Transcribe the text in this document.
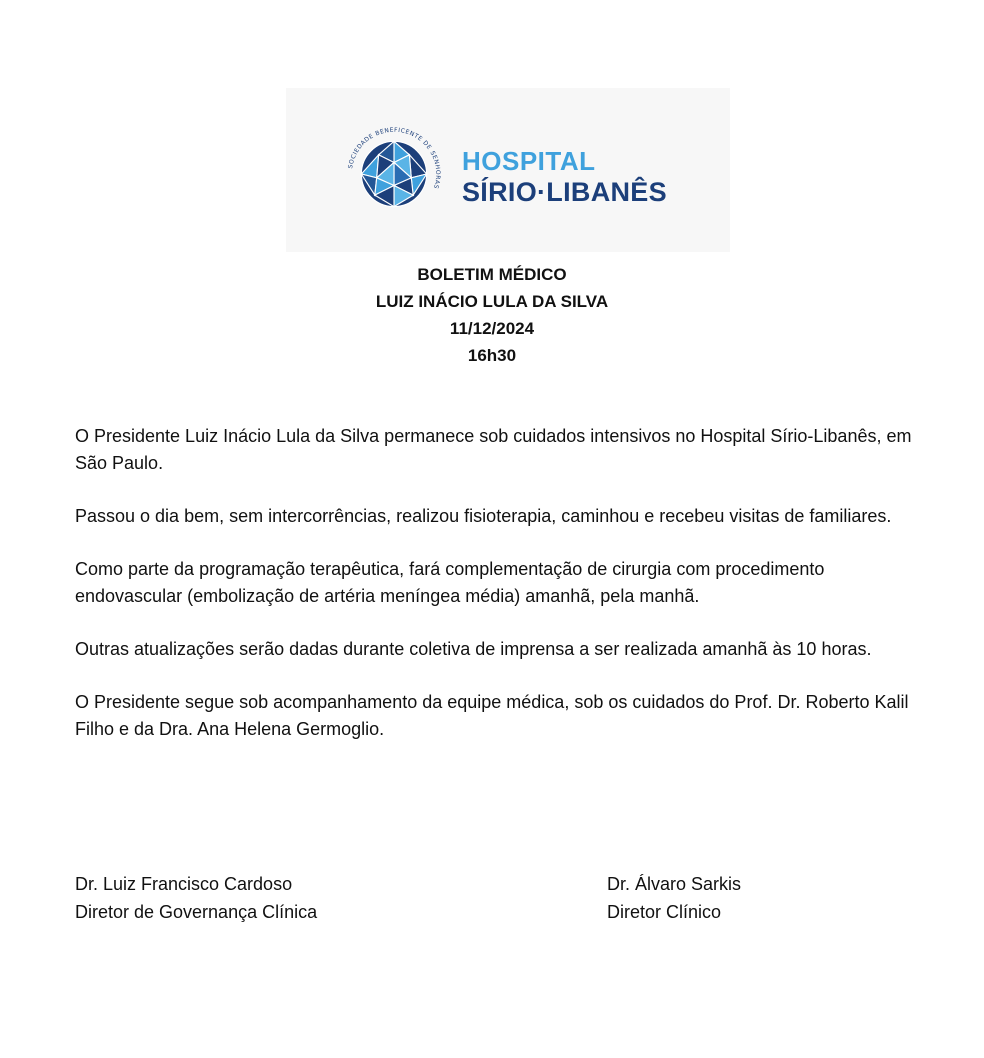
SOCIEDADE BENEFICENTE DE SENHORAS
HOSPITAL
SÍRIO·LIBANÊS
BOLETIM MÉDICO
LUIZ INÁCIO LULA DA SILVA
11/12/2024
16h30

O Presidente Luiz Inácio Lula da Silva permanece sob cuidados intensivos no Hospital Sírio-Libanês, em São Paulo.

Passou o dia bem, sem intercorrências, realizou fisioterapia, caminhou e recebeu visitas de familiares.

Como parte da programação terapêutica, fará complementação de cirurgia com procedimento endovascular (embolização de artéria meníngea média) amanhã, pela manhã.

Outras atualizações serão dadas durante coletiva de imprensa a ser realizada amanhã às 10 horas.

O Presidente segue sob acompanhamento da equipe médica, sob os cuidados do Prof. Dr. Roberto Kalil Filho e da Dra. Ana Helena Germoglio.

Dr. Luiz Francisco Cardoso
Diretor de Governança Clínica
Dr. Álvaro Sarkis
Diretor Clínico
